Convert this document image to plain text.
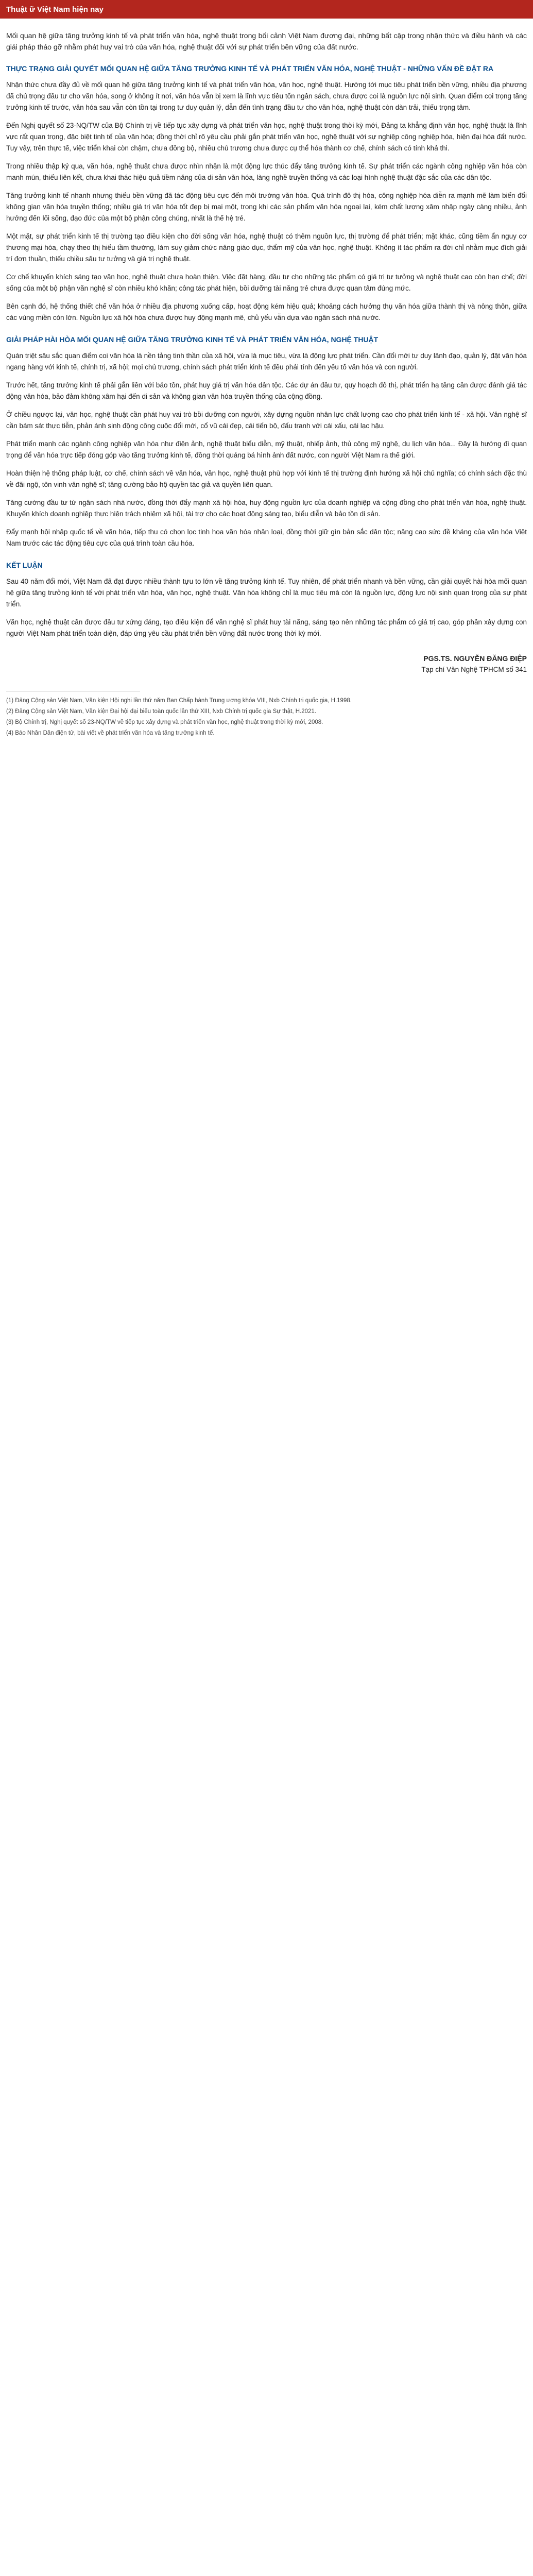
Thuật ữ Việt Nam hiện nay

Mối quan hệ giữa tăng trưởng kinh tế và phát triển văn hóa, nghệ thuật trong bối cảnh Việt Nam đương đại, những bất cập trong nhận thức và điều hành và các giải pháp tháo gỡ nhằm phát huy vai trò của văn hóa, nghệ thuật đối với sự phát triển bền vững của đất nước.

THỰC TRẠNG GIẢI QUYẾT MỐI QUAN HỆ GIỮA TĂNG TRƯỞNG KINH TẾ VÀ PHÁT TRIỂN VĂN HÓA, NGHỆ THUẬT - NHỮNG VẤN ĐỀ ĐẶT RA

Nhận thức chưa đầy đủ về mối quan hệ giữa tăng trưởng kinh tế và phát triển văn hóa, văn học, nghệ thuật. Hướng tới mục tiêu phát triển bền vững, nhiều địa phương đã chú trọng đầu tư cho văn hóa, song ở không ít nơi, văn hóa vẫn bị xem là lĩnh vực tiêu tốn ngân sách, chưa được coi là nguồn lực nội sinh. Quan điểm coi trọng tăng trưởng kinh tế trước, văn hóa sau vẫn còn tồn tại trong tư duy quản lý, dẫn đến tình trạng đầu tư cho văn hóa, nghệ thuật còn dàn trải, thiếu trọng tâm.

Đến Nghị quyết số 23-NQ/TW của Bộ Chính trị về tiếp tục xây dựng và phát triển văn học, nghệ thuật trong thời kỳ mới, Đảng ta khẳng định văn học, nghệ thuật là lĩnh vực rất quan trọng, đặc biệt tinh tế của văn hóa; đồng thời chỉ rõ yêu cầu phải gắn phát triển văn học, nghệ thuật với sự nghiệp công nghiệp hóa, hiện đại hóa đất nước. Tuy vậy, trên thực tế, việc triển khai còn chậm, chưa đồng bộ, nhiều chủ trương chưa được cụ thể hóa thành cơ chế, chính sách có tính khả thi.

Trong nhiều thập kỷ qua, văn hóa, nghệ thuật chưa được nhìn nhận là một động lực thúc đẩy tăng trưởng kinh tế. Sự phát triển các ngành công nghiệp văn hóa còn manh mún, thiếu liên kết, chưa khai thác hiệu quả tiềm năng của di sản văn hóa, làng nghề truyền thống và các loại hình nghệ thuật đặc sắc của các dân tộc.

Tăng trưởng kinh tế nhanh nhưng thiếu bền vững đã tác động tiêu cực đến môi trường văn hóa. Quá trình đô thị hóa, công nghiệp hóa diễn ra mạnh mẽ làm biến đổi không gian văn hóa truyền thống; nhiều giá trị văn hóa tốt đẹp bị mai một, trong khi các sản phẩm văn hóa ngoại lai, kém chất lượng xâm nhập ngày càng nhiều, ảnh hưởng đến lối sống, đạo đức của một bộ phận công chúng, nhất là thế hệ trẻ.

Một mặt, sự phát triển kinh tế thị trường tạo điều kiện cho đời sống văn hóa, nghệ thuật có thêm nguồn lực, thị trường để phát triển; mặt khác, cũng tiềm ẩn nguy cơ thương mại hóa, chạy theo thị hiếu tầm thường, làm suy giảm chức năng giáo dục, thẩm mỹ của văn học, nghệ thuật. Không ít tác phẩm ra đời chỉ nhằm mục đích giải trí đơn thuần, thiếu chiều sâu tư tưởng và giá trị nghệ thuật.

Cơ chế khuyến khích sáng tạo văn học, nghệ thuật chưa hoàn thiện. Việc đặt hàng, đầu tư cho những tác phẩm có giá trị tư tưởng và nghệ thuật cao còn hạn chế; đời sống của một bộ phận văn nghệ sĩ còn nhiều khó khăn; công tác phát hiện, bồi dưỡng tài năng trẻ chưa được quan tâm đúng mức.

Bên cạnh đó, hệ thống thiết chế văn hóa ở nhiều địa phương xuống cấp, hoạt động kém hiệu quả; khoảng cách hưởng thụ văn hóa giữa thành thị và nông thôn, giữa các vùng miền còn lớn. Nguồn lực xã hội hóa chưa được huy động mạnh mẽ, chủ yếu vẫn dựa vào ngân sách nhà nước.

GIẢI PHÁP HÀI HÒA MỐI QUAN HỆ GIỮA TĂNG TRƯỞNG KINH TẾ VÀ PHÁT TRIỂN VĂN HÓA, NGHỆ THUẬT

Quán triệt sâu sắc quan điểm coi văn hóa là nền tảng tinh thần của xã hội, vừa là mục tiêu, vừa là động lực phát triển. Cần đổi mới tư duy lãnh đạo, quản lý, đặt văn hóa ngang hàng với kinh tế, chính trị, xã hội; mọi chủ trương, chính sách phát triển kinh tế đều phải tính đến yếu tố văn hóa và con người.

Trước hết, tăng trưởng kinh tế phải gắn liền với bảo tồn, phát huy giá trị văn hóa dân tộc. Các dự án đầu tư, quy hoạch đô thị, phát triển hạ tầng cần được đánh giá tác động văn hóa, bảo đảm không xâm hại đến di sản và không gian văn hóa truyền thống của cộng đồng.

Ở chiều ngược lại, văn học, nghệ thuật cần phát huy vai trò bồi dưỡng con người, xây dựng nguồn nhân lực chất lượng cao cho phát triển kinh tế - xã hội. Văn nghệ sĩ cần bám sát thực tiễn, phản ánh sinh động công cuộc đổi mới, cổ vũ cái đẹp, cái tiến bộ, đấu tranh với cái xấu, cái lạc hậu.

Phát triển mạnh các ngành công nghiệp văn hóa như điện ảnh, nghệ thuật biểu diễn, mỹ thuật, nhiếp ảnh, thủ công mỹ nghệ, du lịch văn hóa... Đây là hướng đi quan trọng để văn hóa trực tiếp đóng góp vào tăng trưởng kinh tế, đồng thời quảng bá hình ảnh đất nước, con người Việt Nam ra thế giới.

Hoàn thiện hệ thống pháp luật, cơ chế, chính sách về văn hóa, văn học, nghệ thuật phù hợp với kinh tế thị trường định hướng xã hội chủ nghĩa; có chính sách đặc thù về đãi ngộ, tôn vinh văn nghệ sĩ; tăng cường bảo hộ quyền tác giả và quyền liên quan.

Tăng cường đầu tư từ ngân sách nhà nước, đồng thời đẩy mạnh xã hội hóa, huy động nguồn lực của doanh nghiệp và cộng đồng cho phát triển văn hóa, nghệ thuật. Khuyến khích doanh nghiệp thực hiện trách nhiệm xã hội, tài trợ cho các hoạt động sáng tạo, biểu diễn và bảo tồn di sản.

Đẩy mạnh hội nhập quốc tế về văn hóa, tiếp thu có chọn lọc tinh hoa văn hóa nhân loại, đồng thời giữ gìn bản sắc dân tộc; nâng cao sức đề kháng của văn hóa Việt Nam trước các tác động tiêu cực của quá trình toàn cầu hóa.

KẾT LUẬN

Sau 40 năm đổi mới, Việt Nam đã đạt được nhiều thành tựu to lớn về tăng trưởng kinh tế. Tuy nhiên, để phát triển nhanh và bền vững, cần giải quyết hài hòa mối quan hệ giữa tăng trưởng kinh tế với phát triển văn hóa, văn học, nghệ thuật. Văn hóa không chỉ là mục tiêu mà còn là nguồn lực, động lực nội sinh quan trọng của sự phát triển.

Văn học, nghệ thuật cần được đầu tư xứng đáng, tạo điều kiện để văn nghệ sĩ phát huy tài năng, sáng tạo nên những tác phẩm có giá trị cao, góp phần xây dựng con người Việt Nam phát triển toàn diện, đáp ứng yêu cầu phát triển bền vững đất nước trong thời kỳ mới.

PGS.TS. NGUYỄN ĐĂNG ĐIỆP
Tạp chí Văn Nghệ TPHCM số 341

(1) Đảng Cộng sản Việt Nam, Văn kiện Hội nghị lần thứ năm Ban Chấp hành Trung ương khóa VIII, Nxb Chính trị quốc gia, H.1998.

(2) Đảng Cộng sản Việt Nam, Văn kiện Đại hội đại biểu toàn quốc lần thứ XIII, Nxb Chính trị quốc gia Sự thật, H.2021.

(3) Bộ Chính trị, Nghị quyết số 23-NQ/TW về tiếp tục xây dựng và phát triển văn học, nghệ thuật trong thời kỳ mới, 2008.

(4) Báo Nhân Dân điện tử, bài viết về phát triển văn hóa và tăng trưởng kinh tế.
